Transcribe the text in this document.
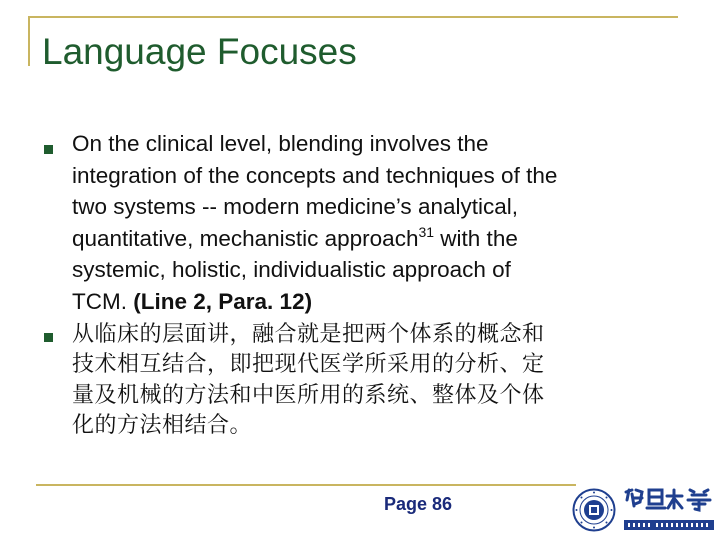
Language Focuses
On the clinical level, blending involves the
integration of the concepts and techniques of the
two systems -- modern medicine’s analytical,
quantitative, mechanistic approach$^{31}$ with the
systemic, holistic, individualistic approach of
TCM. (Line 2, Para. 12)
从临床的层面讲，融合就是把两个体系的概念和
技术相互结合，即把现代医学所采用的分析、定
量及机械的方法和中医所用的系统、整体及个体
化的方法相结合。
Page 86
